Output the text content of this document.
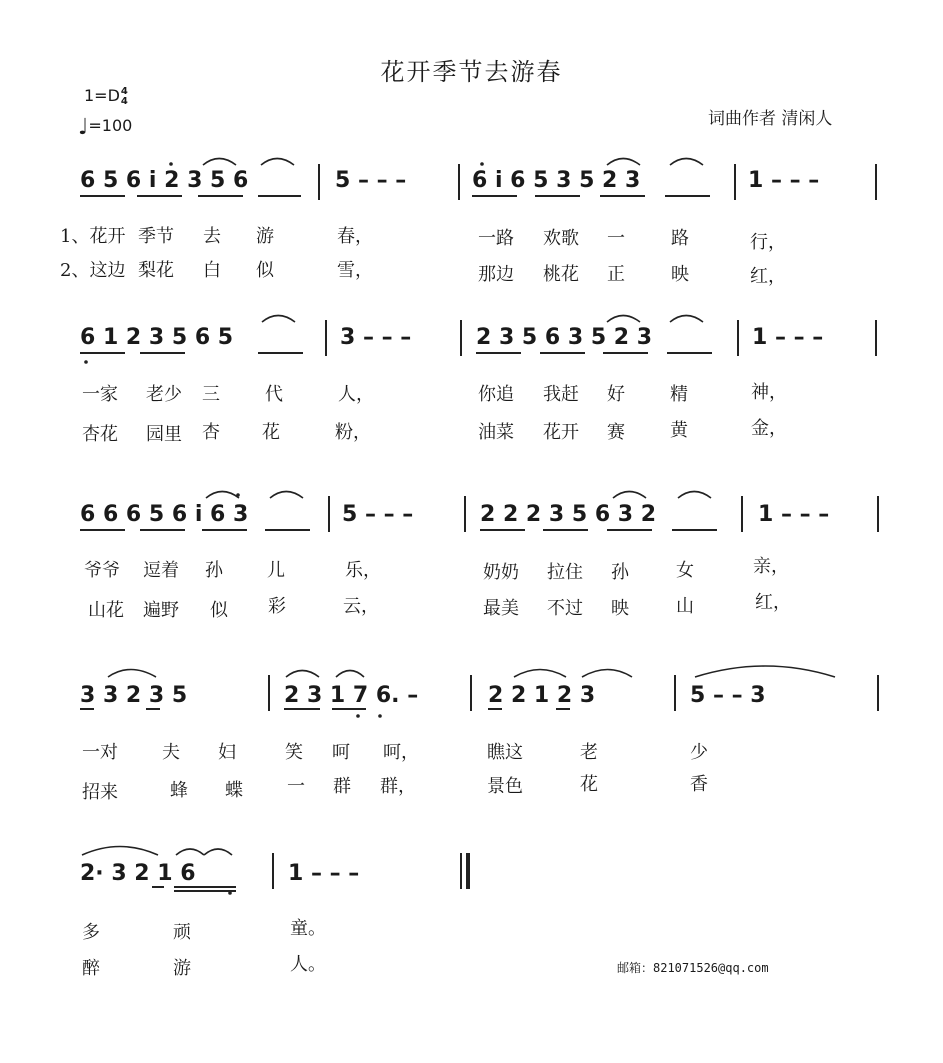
花开季节去游春
1=D 4
4
♩=100	词曲作者 清闲人
6 5 6 i 2 3 5 6	5 – – –	6 i 6 5 3 5 2 3	1 – – –
1、花开 季节 去 游	春，	一路 欢歌 一	路	行，
2、这边 梨花 白 似	雪，	那边 桃花 正	映	红，
6 1 2 3 5 6 5	3 – – –	2 3 5 6 3 5 2 3	1 – – –
一家 老少 三	代	人，	你追 我赶 好	精	神，
杏花 园里 杏 花	粉，	油菜 花开 赛	黄	金，
6 6 6 5 6 i 6 3	5 – – –	2 2 2 3 5 6 3 2	1 – – –
爷爷 逗着 孙 儿	乐，	奶奶 拉住 孙	女	亲，
山花 遍野 似 彩	云，	最美 不过 映	山	红，
3 3 2 3 5	2 3 1 7 6. –	2 2 1 2 3	5 – – 3
一对 夫 妇	笑 呵 呵，	瞧这	老	少
招来	蜂 蝶 一 群 群，	景色	花	香
2· 3 2 1 6	1 – – –
多	顽	童。
醉	游	人。	邮箱：821071526@qq.com
